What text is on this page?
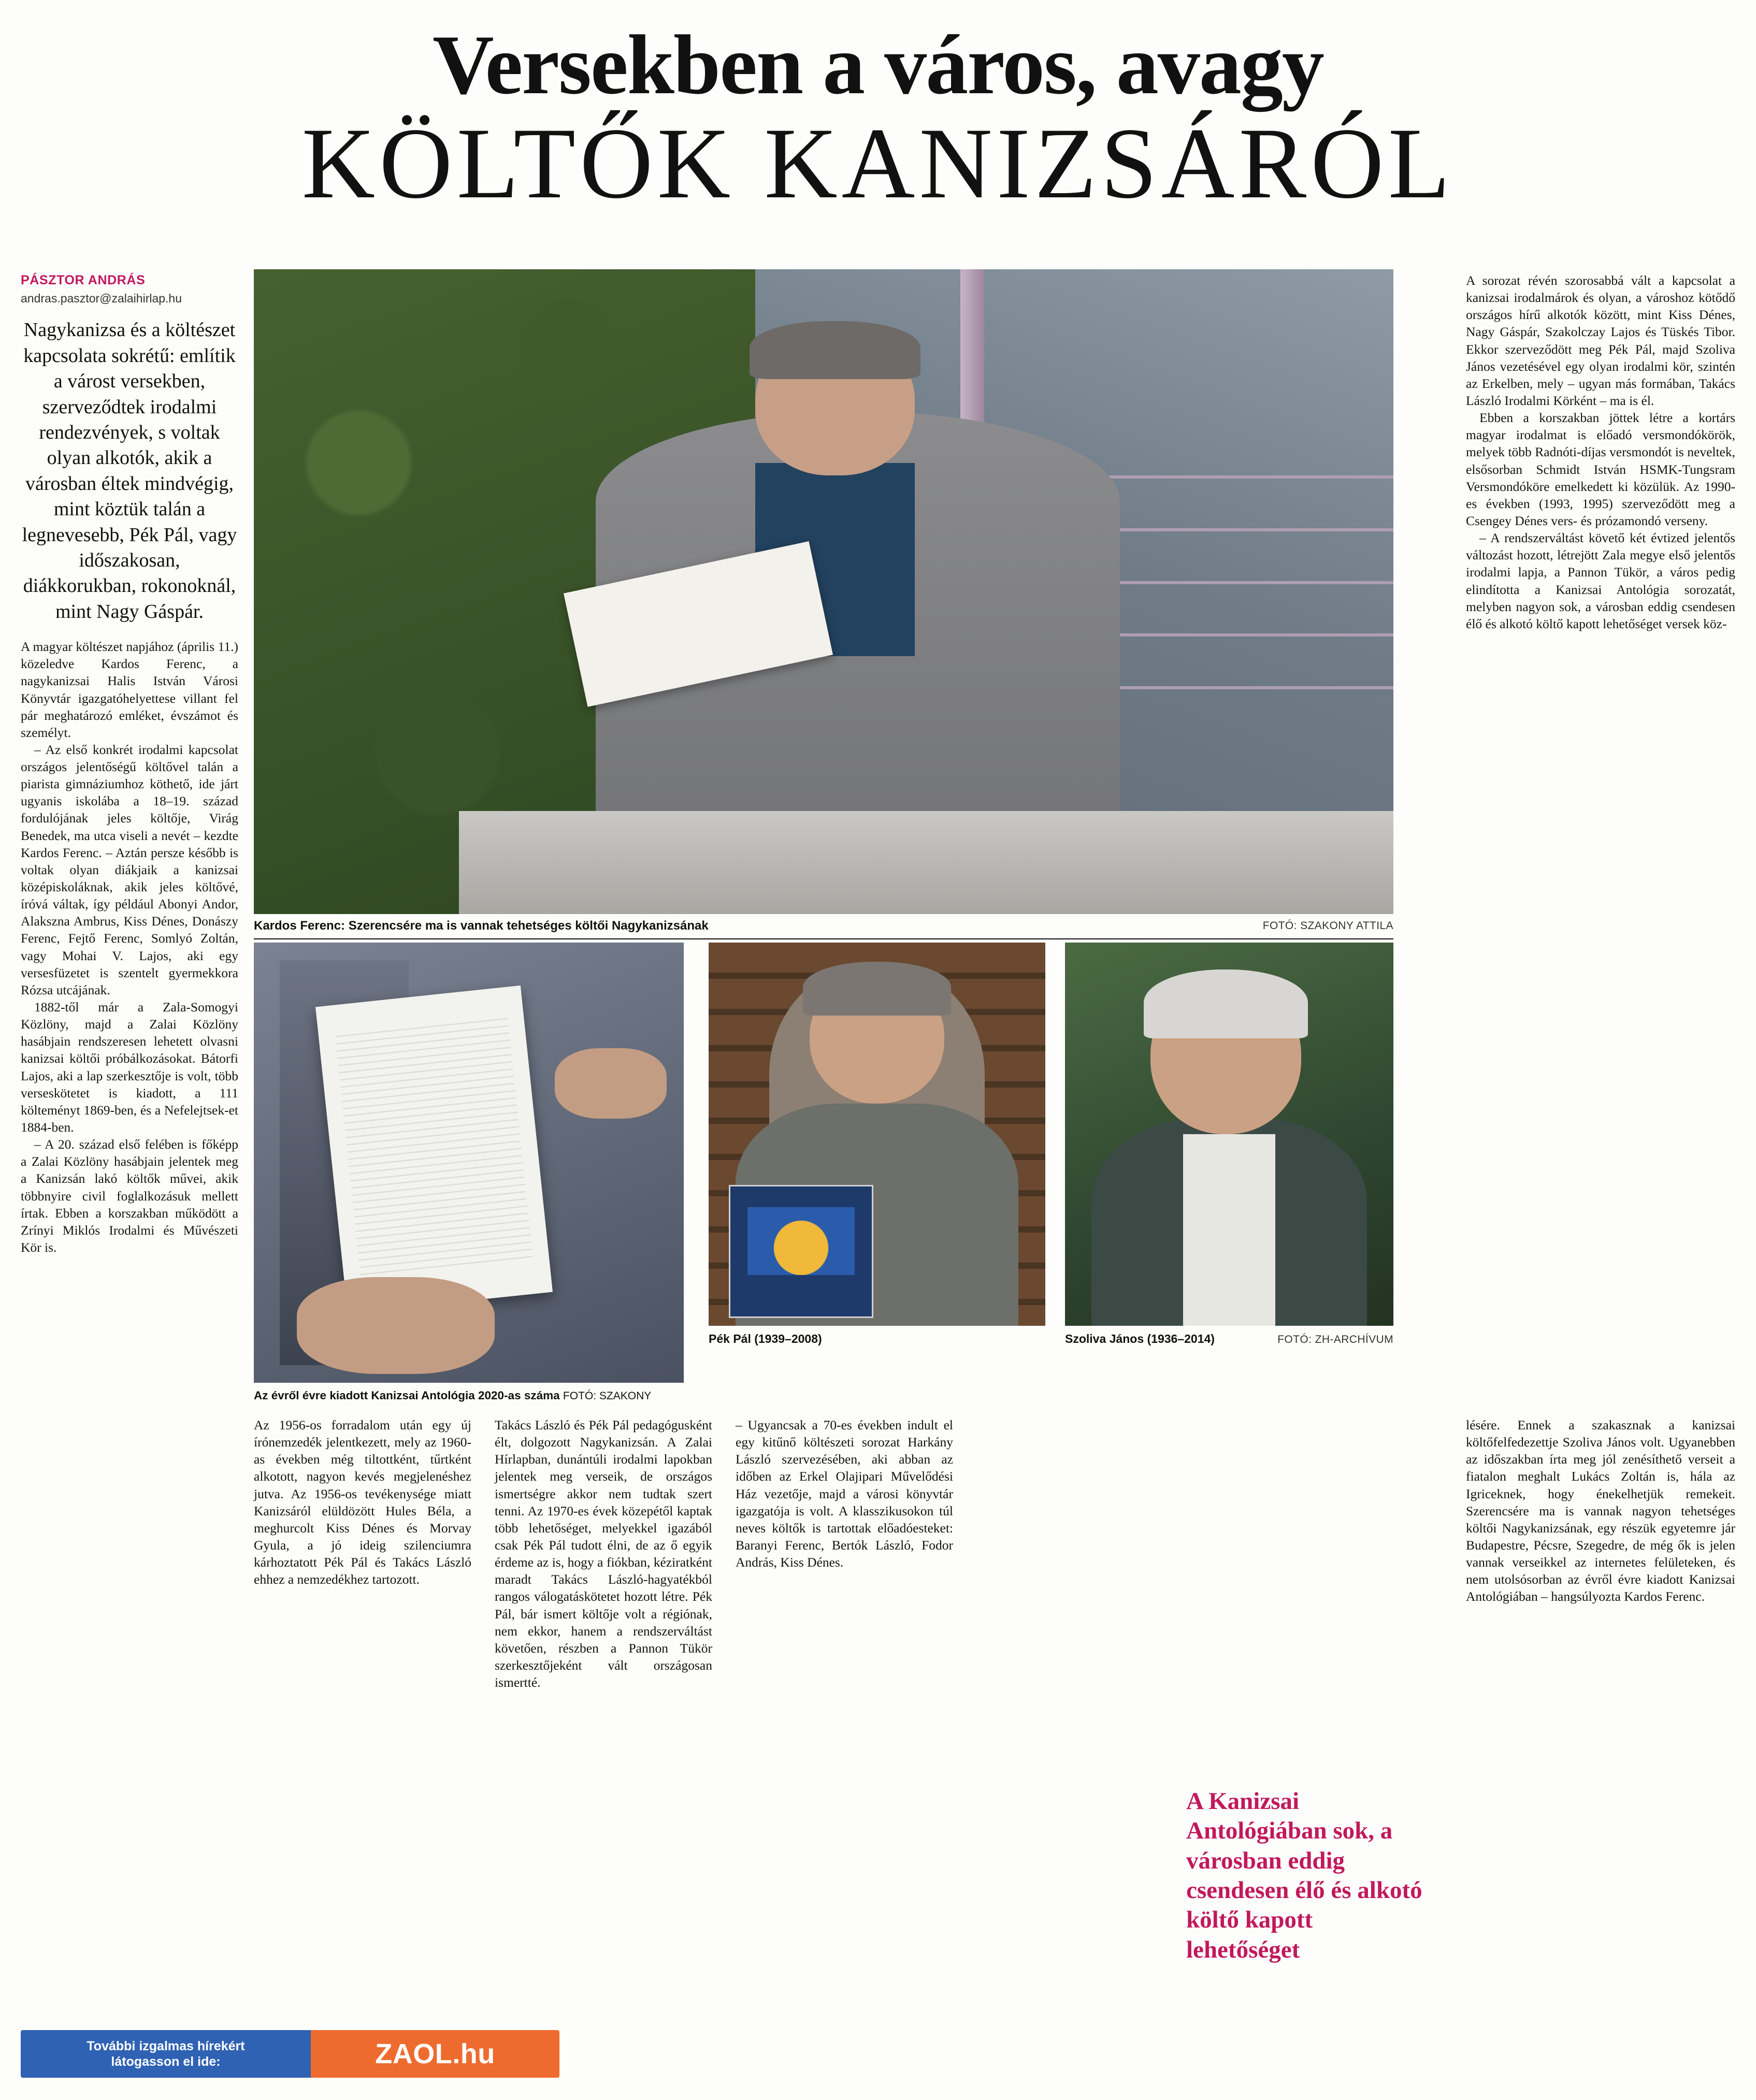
Versekben a város, avagy
KÖLTŐK KANIZSÁRÓL
PÁSZTOR ANDRÁS
andras.pasztor@zalaihirlap.hu
Nagykanizsa és a költészet kapcsolata sokrétű: említik a várost versekben, szerveződtek irodalmi rendezvények, s voltak olyan alkotók, akik a városban éltek mindvégig, mint köztük talán a legnevesebb, Pék Pál, vagy időszakosan, diákkorukban, rokonoknál, mint Nagy Gáspár.

A magyar költészet napjához (április 11.) közeledve Kardos Ferenc, a nagykanizsai Halis István Városi Könyvtár igazgatóhelyettese villant fel pár meghatározó emléket, évszámot és személyt.

– Az első konkrét irodalmi kapcsolat országos jelentőségű költővel talán a piarista gimnáziumhoz köthető, ide járt ugyanis iskolába a 18–19. század fordulójának jeles költője, Virág Benedek, ma utca viseli a nevét – kezdte Kardos Ferenc. – Aztán persze később is voltak olyan diákjaik a kanizsai középiskoláknak, akik jeles költővé, íróvá váltak, így például Abonyi Andor, Alakszna Ambrus, Kiss Dénes, Donászy Ferenc, Fejtő Ferenc, Somlyó Zoltán, vagy Mohai V. Lajos, aki egy versesfüzetet is szentelt gyermekkora Rózsa utcájának.

1882-től már a Zala-Somogyi Közlöny, majd a Zalai Közlöny hasábjain rendszeresen lehetett olvasni kanizsai költői próbálkozásokat. Bátorfi Lajos, aki a lap szerkesztője is volt, több verseskötetet is kiadott, a 111 költeményt 1869-ben, és a Nefelejtsek-et 1884-ben.

– A 20. század első felében is főképp a Zalai Közlöny hasábjain jelentek meg a Kanizsán lakó költők művei, akik többnyire civil foglalkozásuk mellett írtak. Ebben a korszakban működött a Zrínyi Miklós Irodalmi és Művészeti Kör is.

Kardos Ferenc: Szerencsére ma is vannak tehetséges költői Nagykanizsának	FOTÓ: SZAKONY ATTILA
Az évről évre kiadott Kanizsai Antológia 2020-as száma FOTÓ: SZAKONY
Pék Pál (1939–2008)	Szoliva János (1936–2014)	FOTÓ: ZH-ARCHÍVUM

A sorozat révén szorosabbá vált a kapcsolat a kanizsai irodalmárok és olyan, a városhoz kötődő országos hírű alkotók között, mint Kiss Dénes, Nagy Gáspár, Szakolczay Lajos és Tüskés Tibor. Ekkor szerveződött meg Pék Pál, majd Szoliva János vezetésével egy olyan irodalmi kör, szintén az Erkelben, mely – ugyan más formában, Takács László Irodalmi Körként – ma is él.

Ebben a korszakban jöttek létre a kortárs magyar irodalmat is előadó versmondókörök, melyek több Radnóti-díjas versmondót is neveltek, elsősorban Schmidt István HSMK-Tungsram Versmondóköre emelkedett ki közülük. Az 1990-es években (1993, 1995) szerveződött meg a Csengey Dénes vers- és prózamondó verseny.

– A rendszerváltást követő két évtized jelentős változást hozott, létrejött Zala megye első jelentős irodalmi lapja, a Pannon Tükör, a város pedig elindította a Kanizsai Antológia sorozatát, melyben nagyon sok, a városban eddig csendesen élő és alkotó költő kapott lehetőséget versek köz-

Az 1956-os forradalom után egy új írónemzedék jelentkezett, mely az 1960-as években még tiltottként, tűrtként alkotott, nagyon kevés megjelenéshez jutva. Az 1956-os tevékenysége miatt Kanizsáról elüldözött Hules Béla, a meghurcolt Kiss Dénes és Morvay Gyula, a jó ideig szilenciumra kárhoztatott Pék Pál és Takács László ehhez a nemzedékhez tartozott.

Takács László és Pék Pál pedagógusként élt, dolgozott Nagykanizsán. A Zalai Hírlapban, dunántúli irodalmi lapokban jelentek meg verseik, de országos ismertségre akkor nem tudtak szert tenni. Az 1970-es évek közepétől kaptak több lehetőséget, melyekkel igazából csak Pék Pál tudott élni, de az ő egyik érdeme az is, hogy a fiókban, kéziratként maradt Takács László-hagyatékból rangos válogatáskötetet hozott létre. Pék Pál, bár ismert költője volt a régiónak, nem ekkor, hanem a rendszerváltást követően, részben a Pannon Tükör szerkesztőjeként vált országosan ismertté.

– Ugyancsak a 70-es években indult el egy kitűnő költészeti sorozat Harkány László szervezésében, aki abban az időben az Erkel Olajipari Művelődési Ház vezetője, majd a városi könyvtár igazgatója is volt. A klasszikusokon túl neves költők is tartottak előadóesteket: Baranyi Ferenc, Bertók László, Fodor András, Kiss Dénes.

lésére. Ennek a szakasznak a kanizsai költőfelfedezettje Szoliva János volt. Ugyanebben az időszakban írta meg jól zenésíthető verseit a fiatalon meghalt Lukács Zoltán is, hála az Igriceknek, hogy énekelhetjük remekeit. Szerencsére ma is vannak nagyon tehetséges költői Nagykanizsának, egy részük egyetemre jár Budapestre, Pécsre, Szegedre, de még ők is jelen vannak verseikkel az internetes felületeken, és nem utolsósorban az évről évre kiadott Kanizsai Antológiában – hangsúlyozta Kardos Ferenc.

A Kanizsai Antológiában sok, a városban eddig csendesen élő és alkotó költő kapott lehetőséget
További izgalmas hírekért
látogasson el ide:	ZAOL.hu
